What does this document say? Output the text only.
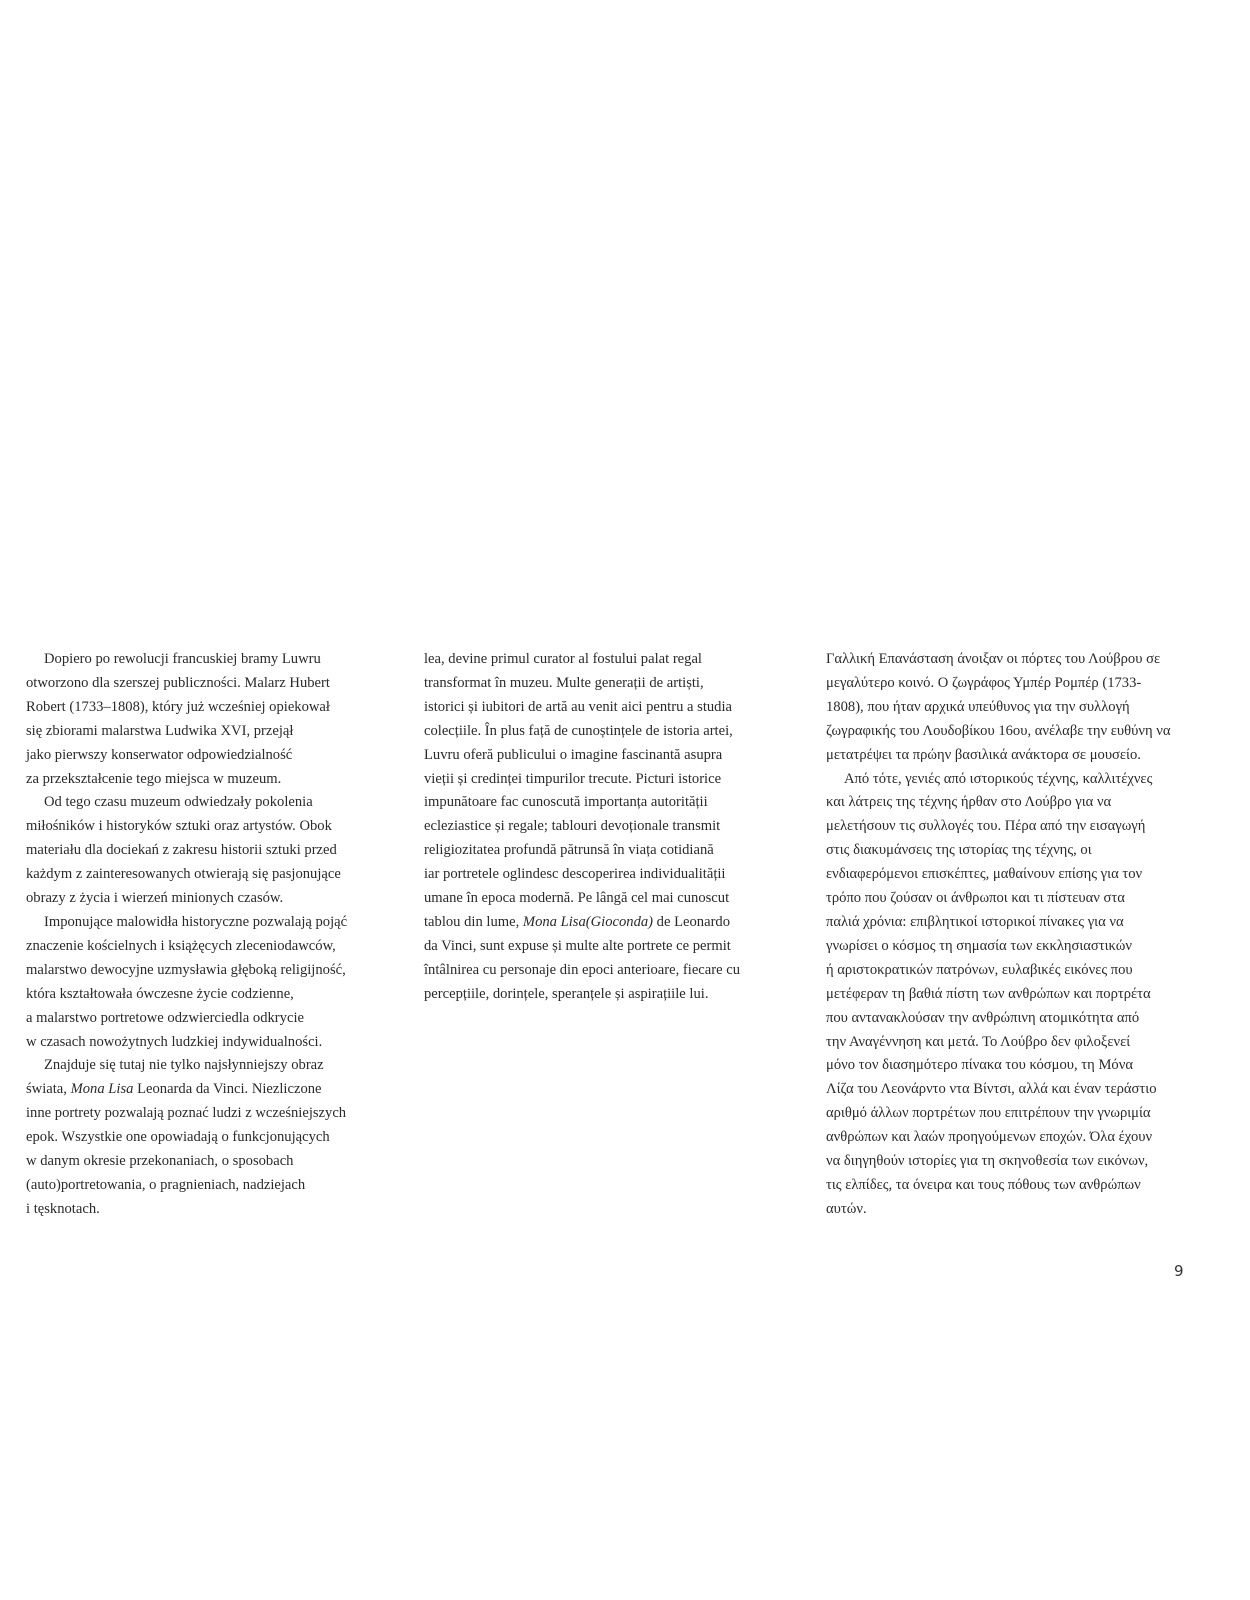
Dopiero po rewolucji francuskiej bramy Luwru
otworzono dla szerszej publiczności. Malarz Hubert
Robert (1733–1808), który już wcześniej opiekował
się zbiorami malarstwa Ludwika XVI, przejął
jako pierwszy konserwator odpowiedzialność
za przekształcenie tego miejsca w muzeum.

Od tego czasu muzeum odwiedzały pokolenia
miłośników i historyków sztuki oraz artystów. Obok
materiału dla dociekań z zakresu historii sztuki przed
każdym z zainteresowanych otwierają się pasjonujące
obrazy z życia i wierzeń minionych czasów.

Imponujące malowidła historyczne pozwalają pojąć
znaczenie kościelnych i książęcych zleceniodawców,
malarstwo dewocyjne uzmysławia głęboką religijność,
która kształtowała ówczesne życie codzienne,
a malarstwo portretowe odzwierciedla odkrycie
w czasach nowożytnych ludzkiej indywidualności.

Znajduje się tutaj nie tylko najsłynniejszy obraz
świata, Mona Lisa Leonarda da Vinci. Niezliczone
inne portrety pozwalają poznać ludzi z wcześniejszych
epok. Wszystkie one opowiadają o funkcjonujących
w danym okresie przekonaniach, o sposobach
(auto)portretowania, o pragnieniach, nadziejach
i tęsknotach.

lea, devine primul curator al fostului palat regal
transformat în muzeu. Multe generații de artiști,
istorici și iubitori de artă au venit aici pentru a studia
colecțiile. În plus față de cunoștințele de istoria artei,
Luvru oferă publicului o imagine fascinantă asupra
vieții și credinței timpurilor trecute. Picturi istorice
impunătoare fac cunoscută importanța autorității
ecleziastice și regale; tablouri devoționale transmit
religiozitatea profundă pătrunsă în viața cotidiană
iar portretele oglindesc descoperirea individualității
umane în epoca modernă. Pe lângă cel mai cunoscut
tablou din lume, Mona Lisa(Gioconda) de Leonardo
da Vinci, sunt expuse și multe alte portrete ce permit
întâlnirea cu personaje din epoci anterioare, fiecare cu
percepțiile, dorințele, speranțele și aspirațiile lui.

Γαλλική Επανάσταση άνοιξαν οι πόρτες του Λούβρου σε
μεγαλύτερο κοινό. Ο ζωγράφος Υμπέρ Ρομπέρ (1733-
1808), που ήταν αρχικά υπεύθυνος για την συλλογή
ζωγραφικής του Λουδοβίκου 16ου, ανέλαβε την ευθύνη να
μετατρέψει τα πρώην βασιλικά ανάκτορα σε μουσείο.

Από τότε, γενιές από ιστορικούς τέχνης, καλλιτέχνες
και λάτρεις της τέχνης ήρθαν στο Λούβρο για να
μελετήσουν τις συλλογές του. Πέρα από την εισαγωγή
στις διακυμάνσεις της ιστορίας της τέχνης, οι
ενδιαφερόμενοι επισκέπτες, μαθαίνουν επίσης για τον
τρόπο που ζούσαν οι άνθρωποι και τι πίστευαν στα
παλιά χρόνια: επιβλητικοί ιστορικοί πίνακες για να
γνωρίσει ο κόσμος τη σημασία των εκκλησιαστικών
ή αριστοκρατικών πατρόνων, ευλαβικές εικόνες που
μετέφεραν τη βαθιά πίστη των ανθρώπων και πορτρέτα
που αντανακλούσαν την ανθρώπινη ατομικότητα από
την Αναγέννηση και μετά. Το Λούβρο δεν φιλοξενεί
μόνο τον διασημότερο πίνακα του κόσμου, τη Μόνα
Λίζα του Λεονάρντο ντα Βίντσι, αλλά και έναν τεράστιο
αριθμό άλλων πορτρέτων που επιτρέπουν την γνωριμία
ανθρώπων και λαών προηγούμενων εποχών. Όλα έχουν
να διηγηθούν ιστορίες για τη σκηνοθεσία των εικόνων,
τις ελπίδες, τα όνειρα και τους πόθους των ανθρώπων
αυτών.

9
